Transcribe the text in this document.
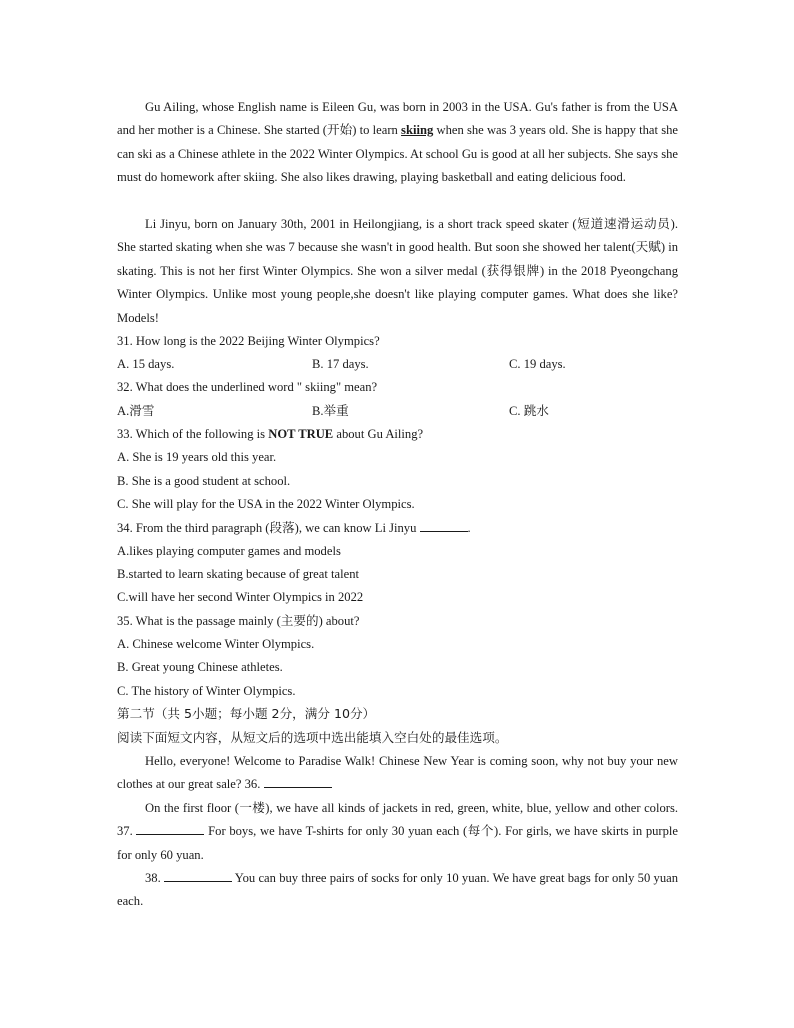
Gu Ailing, whose English name is Eileen Gu, was born in 2003 in the USA. Gu's father is from the USA and her mother is a Chinese. She started (开始) to learn skiing when she was 3 years old. She is happy that she can ski as a Chinese athlete in the 2022 Winter Olympics. At school Gu is good at all her subjects. She says she must do homework after skiing. She also likes drawing, playing basketball and eating delicious food.

Li Jinyu, born on January 30th, 2001 in Heilongjiang, is a short track speed skater (短道速滑运动员). She started skating when she was 7 because she wasn't in good health. But soon she showed her talent(天赋) in skating. This is not her first Winter Olympics. She won a silver medal (获得银牌) in the 2018 Pyeongchang Winter Olympics. Unlike most young people,she doesn't like playing computer games. What does she like? Models!

31. How long is the 2022 Beijing Winter Olympics?
A. 15 days.	B. 17 days.	C. 19 days.
32. What does the underlined word " skiing" mean?
A.滑雪	B.举重	C. 跳水
33. Which of the following is NOT TRUE about Gu Ailing?
A. She is 19 years old this year.
B. She is a good student at school.
C. She will play for the USA in the 2022 Winter Olympics.
34. From the third paragraph (段落), we can know Li Jinyu	.
A.likes playing computer games and models
B.started to learn skating because of great talent
C.will have her second Winter Olympics in 2022
35. What is the passage mainly (主要的) about?
A. Chinese welcome Winter Olympics.
B. Great young Chinese athletes.
C. The history of Winter Olympics.
第二节（共 5小题；每小题 2分，满分 10分）
阅读下面短文内容，从短文后的选项中选出能填入空白处的最佳选项。

Hello, everyone! Welcome to Paradise Walk! Chinese New Year is coming soon, why not buy your new clothes at our great sale? 36.

On the first floor (一楼), we have all kinds of jackets in red, green, white, blue, yellow and other colors. 37.	For boys, we have T-shirts for only 30 yuan each (每个). For girls, we have skirts in purple for only 60 yuan.

38.	You can buy three pairs of socks for only 10 yuan. We have great bags for only 50 yuan each.
